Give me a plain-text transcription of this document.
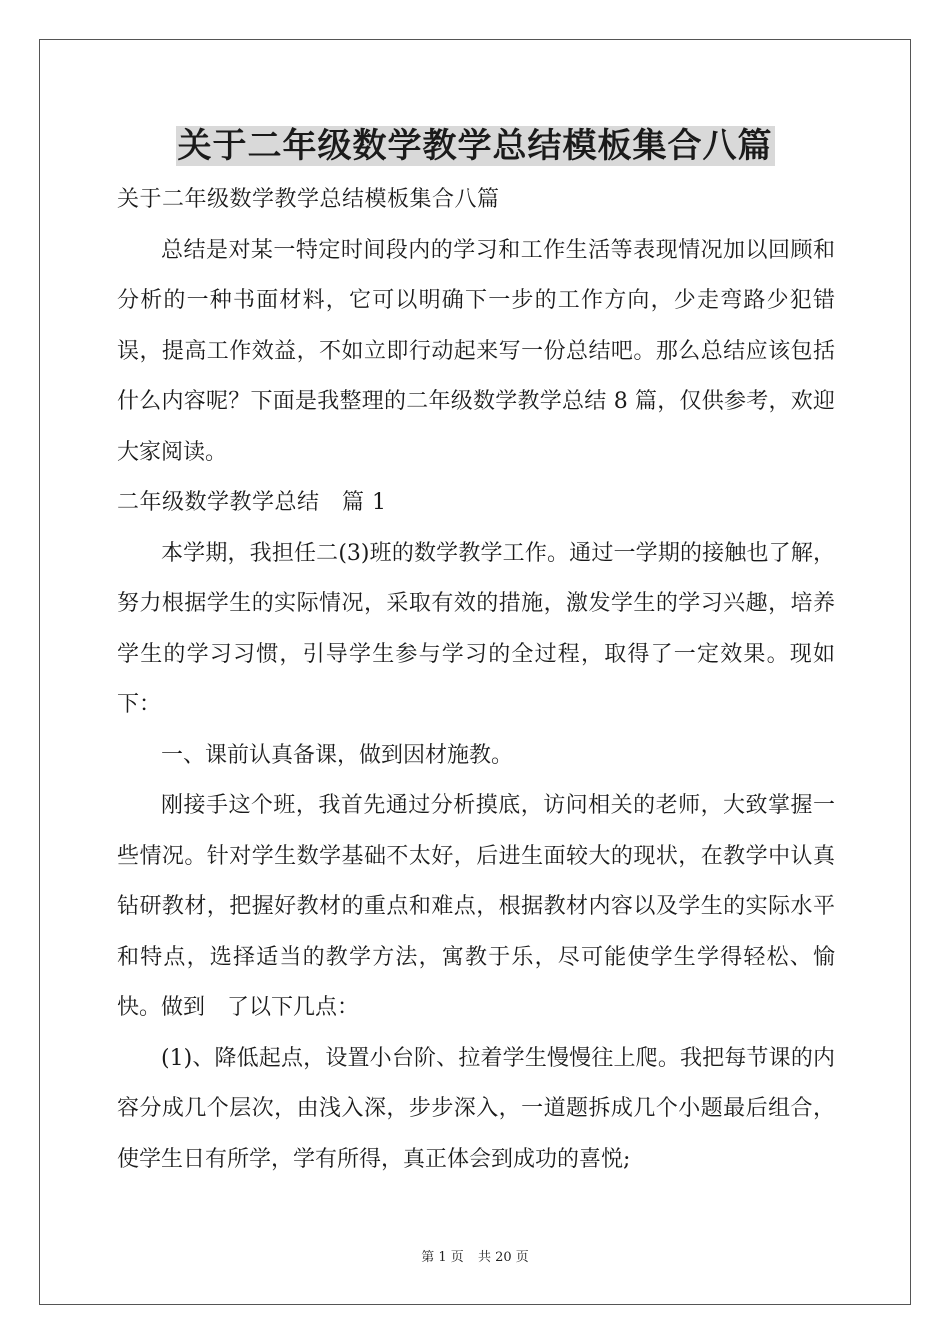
关于二年级数学教学总结模板集合八篇

关于二年级数学教学总结模板集合八篇

总结是对某一特定时间段内的学习和工作生活等表现情况加以回顾和分析的一种书面材料，它可以明确下一步的工作方向，少走弯路少犯错误，提高工作效益，不如立即行动起来写一份总结吧。那么总结应该包括什么内容呢？下面是我整理的二年级数学教学总结 8 篇，仅供参考，欢迎大家阅读。

二年级数学教学总结　篇 1

本学期，我担任二(3)班的数学教学工作。通过一学期的接触也了解，努力根据学生的实际情况，采取有效的措施，激发学生的学习兴趣，培养学生的学习习惯，引导学生参与学习的全过程，取得了一定效果。现如下：

一、课前认真备课，做到因材施教。

刚接手这个班，我首先通过分析摸底，访问相关的老师，大致掌握一些情况。针对学生数学基础不太好，后进生面较大的现状，在教学中认真钻研教材，把握好教材的重点和难点，根据教材内容以及学生的实际水平和特点，选择适当的教学方法，寓教于乐，尽可能使学生学得轻松、愉快。做到　了以下几点：

(1)、降低起点，设置小台阶、拉着学生慢慢往上爬。我把每节课的内容分成几个层次，由浅入深，步步深入，一道题拆成几个小题最后组合，使学生日有所学，学有所得，真正体会到成功的喜悦;

第 1 页 共 20 页
